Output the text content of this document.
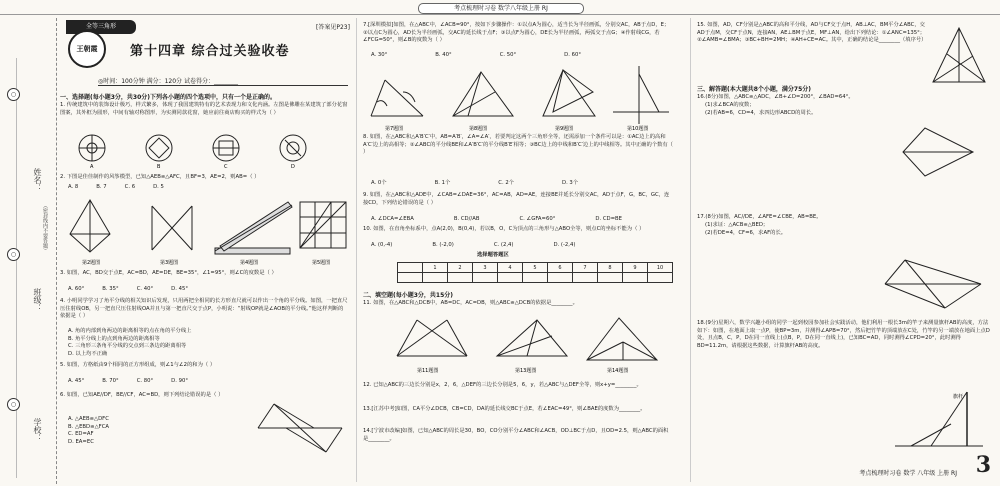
考点梳理时习卷 数学八年级上册 RJ
姓名：
（密封线内不要答题）
班级：
学校：
○
○
○
全等三角形
王朝霞	第十四章 综合过关验收卷
[答案见P23]
◎时间：100分钟 满分：120分 试卷得分：________
一、选择题(每小题3分，共30分)下列各小题的四个选项中，只有一个是正确的。
1. 传统建筑中的装饰设计极巧，样式繁多，体现了我国建筑特有的艺术表现力和文化内涵。左图是佛雕在某建筑了部分花窗图案，其外框为圆形，中间有轴对称图形，为实测同款花窗，她应前往商店购买的样式为（ ）
A	B	C	D
2. 下图是佳佳制作的风筝模型，已知△AEB≌△AFC，且BF=3，AE=2，则AB=（ ）
A. 8	B. 7	C. 6	D. 5
第2题图	第3题图	第4题图	第5题图
3. 如图，AC，BD交于点E，AC=BD，AE=DE，BE=35°，∠1=95°，则∠C的度数是（ ）
A. 60°	B. 35°	C. 40°	D. 45°
4. 小明同学学习了角平分线的相关知识后发现，只用两把全相同的长方形直尺就可以作出一个角的平分线。如图，一把直尺压住射线OB，另一把直尺压住射线OA并且与第一把直尺交于点P，小明说：“射线OP就是∠AOB的平分线。”他这样判断的依据是（ ）
A. 角的内部到角两边的距离相等的点在角的平分线上
B. 角平分线上的点到角两边的距离相等
C. 三角形三条角平分线的交点到三条边的距离相等
D. 以上均不正确
5. 如图，方格纸由9个相同的正方形组成，则∠1与∠2的和为（ ）
A. 45°	B. 70°	C. 80°	D. 90°
6. 如图，已知AE//DF，BE//CF，AC=BD，则下列结论错误的是（ ）
A. △AEB≌△DFC
B. △EBD≌△FCA
C. ED=AF
D. EA=EC
7.[深圳模拟]如图，在△ABC中，∠ACB=90°，按如下步骤操作：①以点A为圆心，适当长为半径画弧，分别交AC，AB于点D，E；②以点C为圆心，AD长为半径画弧，交AC的延长线于点F；③以点F为圆心，DE长为半径画弧，两弧交于点G；④作射线CG，若∠FCG=50°，则∠B的度数为（ ）
A. 30°	B. 40°	C. 50°	D. 60°
第7题图	第8题图	第9题图	第10题图
8. 如图，在△ABC和△A′B′C′中，AB=A′B′，∠A=∠A′，若要判定这两个三角形全等，还需添加一个条件可以是：①AC边上的高和A′C′边上的高相等；②∠ABC的平分线BE和∠A′B′C′的平分线B′E′相等；③BC边上的中线和B′C′边上的中线相等。其中正确的个数有（ ）
A. 0个	B. 1个	C. 2个	D. 3个
9. 如图，在△ABC和△ADE中，∠CAB=∠DAE=36°，AC=AB，AD=AE，连接BE并延长分别交AC，AD于点F，G，BC，GC，连接CD，下列结论错误的是（ ）
A. ∠DCA=∠EBA	B. CD//AB	C. ∠GFA=60°	D. CD=BE
10. 如图，在直角坐标系中，点A(2,0)，B(0,4)，若以B，O，C为顶点的三角形与△ABO全等，则点C的坐标不能为（ ）
A. (0,-4)	B. (-2,0)	C. (2,4)	D. (-2,4)
选择题答题区
	1	2	3	4	5	6	7	8	9	10

二、填空题(每小题3分，共15分)
11. 如图，在△ABC和△DCB中，AB=DC，AC=DB，则△ABC≌△DCB的依据是________。
第11题图	第13题图	第14题图
12. 已知△ABC的三边长分别是x，2，6，△DEF的三边长分别是5，6，y，若△ABC与△DEF全等，则x+y=________。
13.[江苏中考]如图，CA平分∠DCB，CB=CD，DA的延长线交BC于点E，若∠EAC=49°，则∠BAE的度数为________。
14.[宁波市改编]如图，已知△ABC的周长是30，BO，CO分别平分∠ABC和∠ACB，OD⊥BC于点D，且OD=2.5，则△ABC的面积是________。
15. 如图，AD，CF分别是△ABC的高和平分线，AD与CF交于点H，AB⊥AC，BM平分∠ABC，交AD于点M，交CF于点N，连接AN，AE⊥BM于点E，MF⊥AN，给出下列结论：①∠ANC=135°；②∠AMB=∠BMA；③BC+BH=2MH；④AH+CE=AC。其中，正确的结论是________（填序号）
三、解答题(本大题共8个小题，满分75分)
16.(8分)如图，△ABC≌△ADC，∠B+∠D=200°，∠BAD=64°。
(1)求∠BCA的度数；
(2)若AB=6，CD=4，求四边形ABCD的周长。
17.(8分)如图，AC//DE，∠AFE=∠CBE，AB=BE。
(1)求证：△ACB≌△BED；
(2)若DE=4，CF=6，求AF的长。
18.(9分)星期六，数学兴趣小组的同学一起到校园参加社会实践活动，他们利用一根长3m的竿子来测量旗杆AB的高度，方法如下：如图，在地面上取一点P，使BP=3m，并测得∠APB=70°，然后把竹竿的顶端放在C处，竹竿的另一端放在地面上点D处，且点B，C，P，D在同一直线上(点B，P，D在同一直线上)，已知BC=AD，同时测得∠CPD=20°，此时测得BD=11.2m，请根据这些数据，计算旗杆AB的高度。
旗杆
考点梳理时习卷 数学 八年级 上册 RJ 3
